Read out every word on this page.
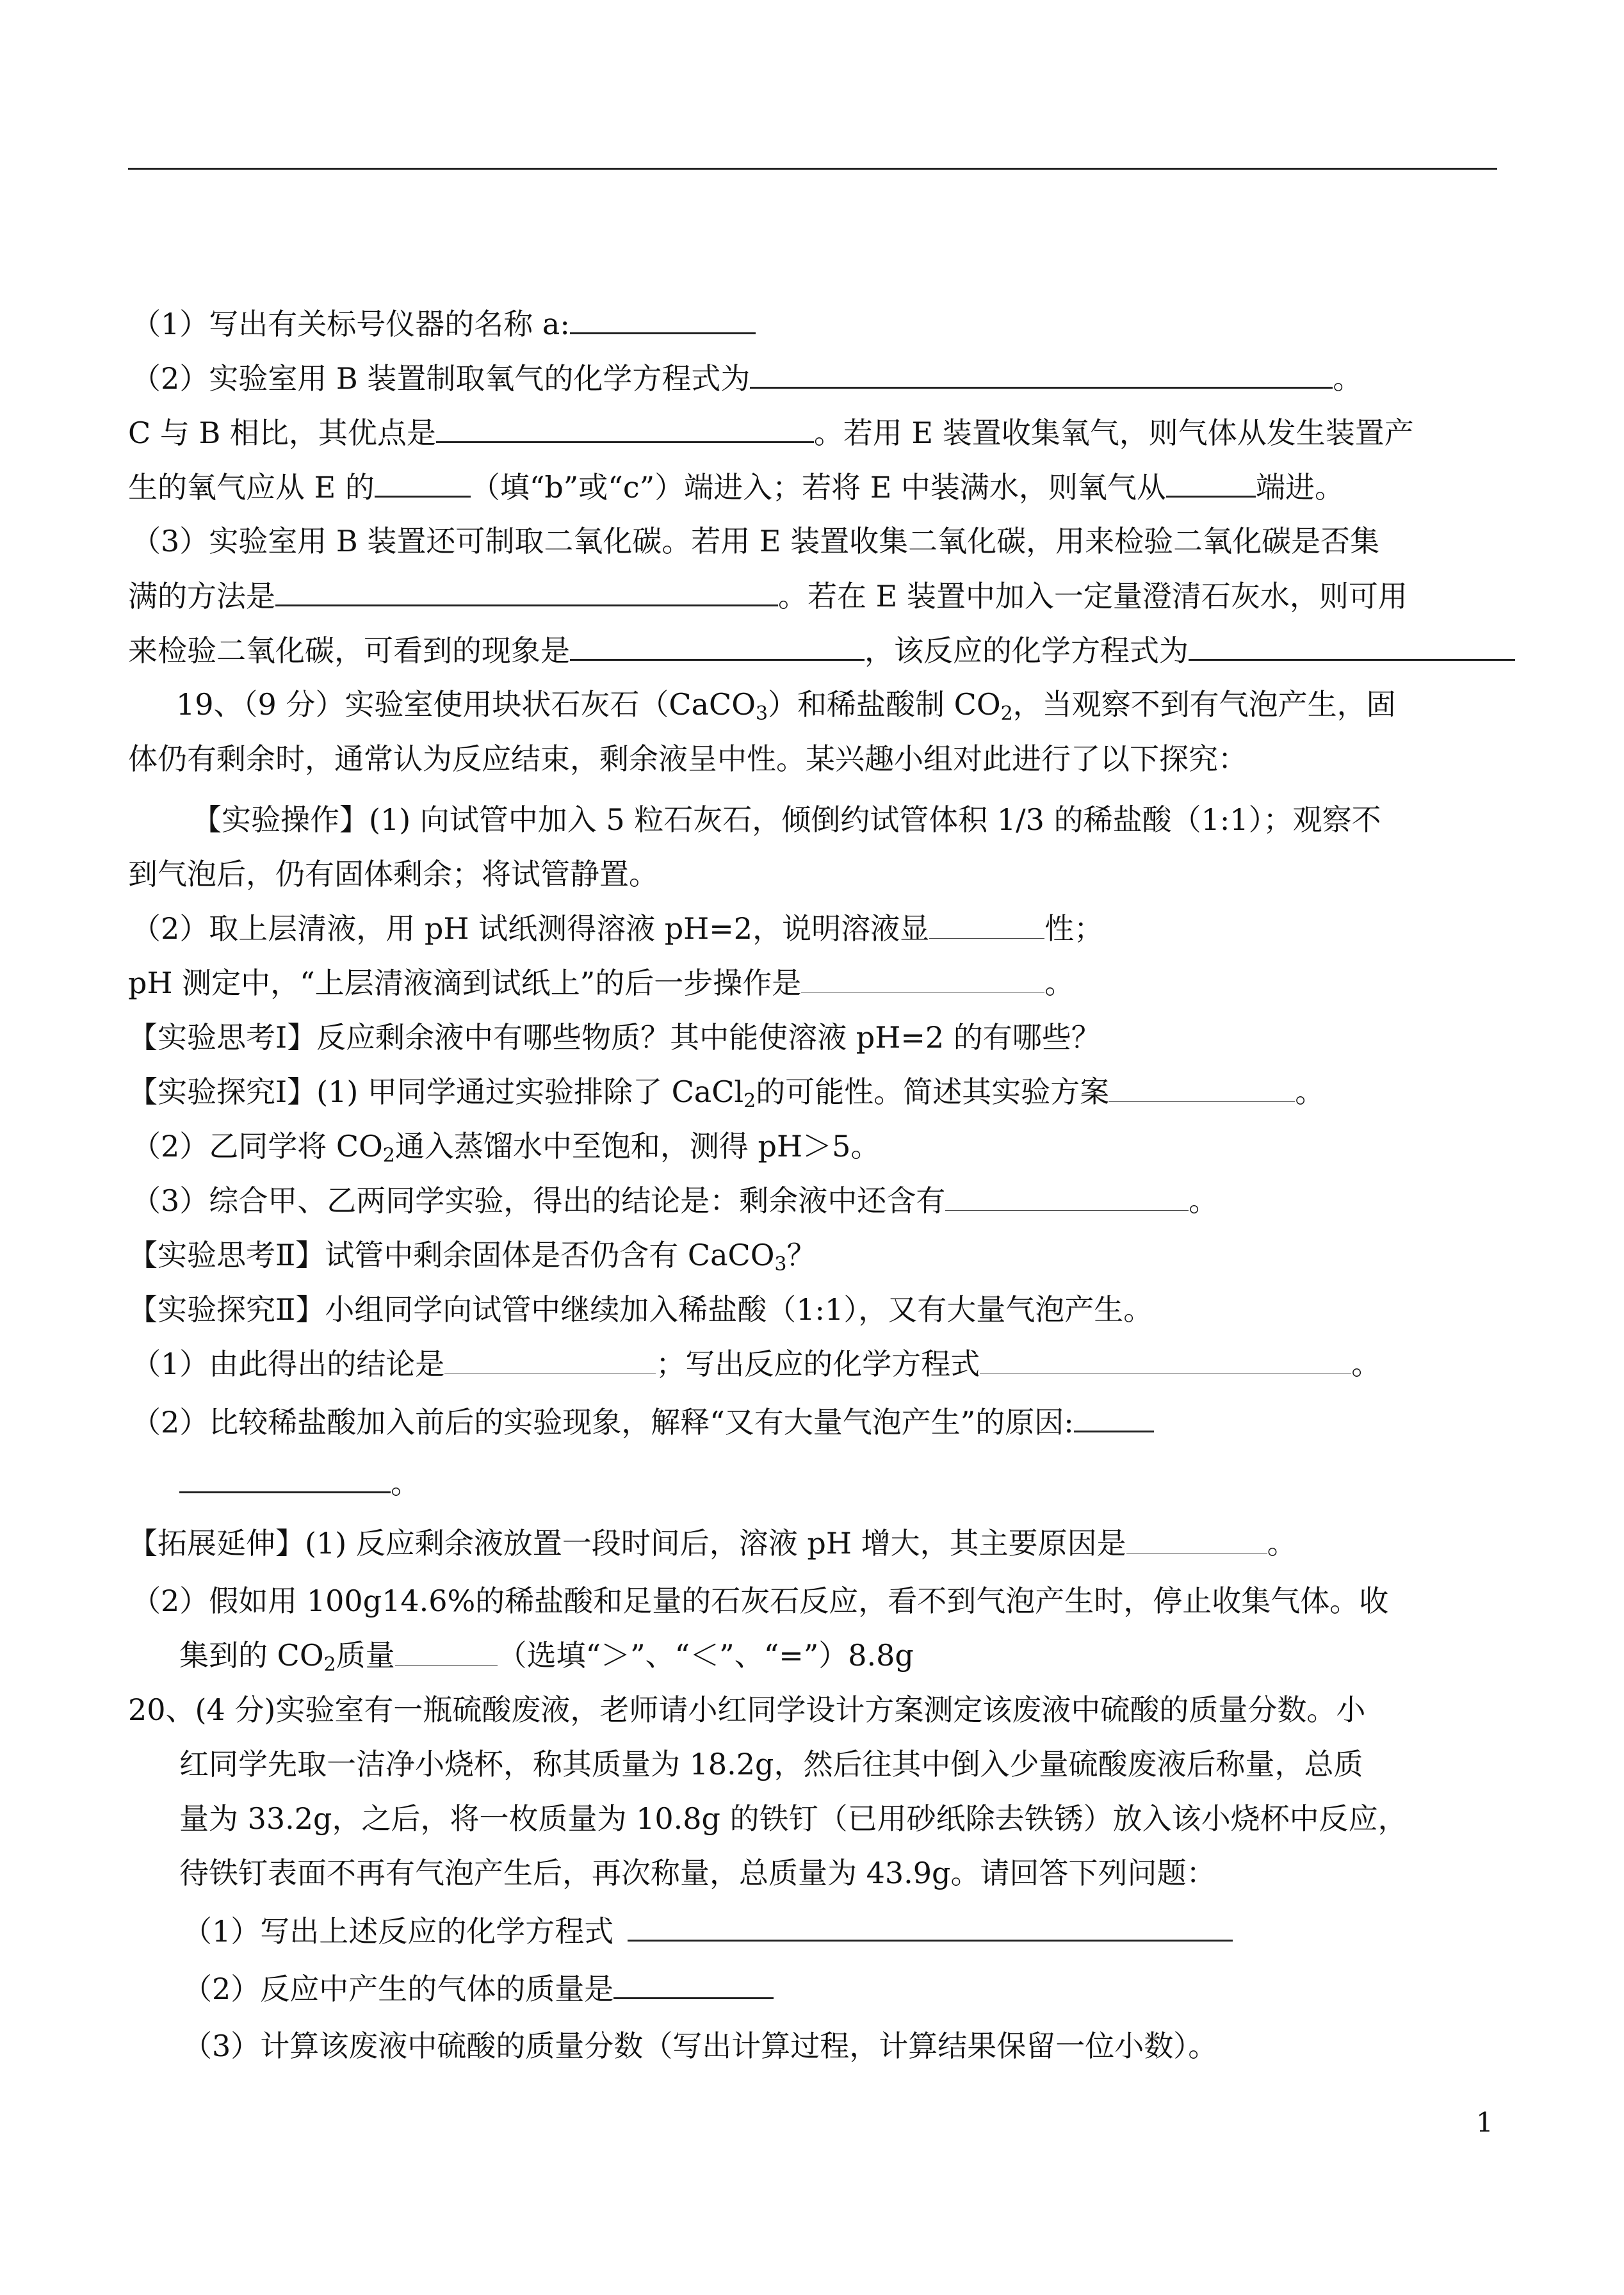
（1）写出有关标号仪器的名称 a:
（2）实验室用 B 装置制取氧气的化学方程式为	。
C 与 B 相比，其优点是	。若用 E 装置收集氧气，则气体从发生装置产
生的氧气应从 E 的	（填“b”或“c”）端进入；若将 E 中装满水，则氧气从	端进。
（3）实验室用 B 装置还可制取二氧化碳。若用 E 装置收集二氧化碳，用来检验二氧化碳是否集
满的方法是	。若在 E 装置中加入一定量澄清石灰水，则可用
来检验二氧化碳，可看到的现象是	，该反应的化学方程式为
19、（9 分）实验室使用块状石灰石（CaCO$_3$）和稀盐酸制 $CO_2$，当观察不到有气泡产生，固
体仍有剩余时，通常认为反应结束，剩余液呈中性。某兴趣小组对此进行了以下探究：
【实验操作】(1) 向试管中加入 5 粒石灰石，倾倒约试管体积 1/3 的稀盐酸（1:1）；观察不
到气泡后，仍有固体剩余；将试管静置。
（2）取上层清液，用 pH 试纸测得溶液 pH=2，说明溶液显	性；
pH 测定中，“上层清液滴到试纸上”的后一步操作是	。
【实验思考Ⅰ】反应剩余液中有哪些物质？其中能使溶液 pH=2 的有哪些？
【实验探究Ⅰ】(1) 甲同学通过实验排除了 CaCl$_2$的可能性。简述其实验方案	。
（2）乙同学将 $CO_2$通入蒸馏水中至饱和，测得 pH＞5。
（3）综合甲、乙两同学实验，得出的结论是：剩余液中还含有	。
【实验思考Ⅱ】试管中剩余固体是否仍含有 CaCO$_3$？
【实验探究Ⅱ】小组同学向试管中继续加入稀盐酸（1:1），又有大量气泡产生。
（1）由此得出的结论是	；写出反应的化学方程式	。
（2）比较稀盐酸加入前后的实验现象，解释“又有大量气泡产生”的原因:
。
【拓展延伸】(1) 反应剩余液放置一段时间后，溶液 pH 增大，其主要原因是	。
（2）假如用 100g14.6%的稀盐酸和足量的石灰石反应，看不到气泡产生时，停止收集气体。收
集到的 $CO_2$质量	（选填“＞”、“＜”、“=”）8.8g
20、(4 分)实验室有一瓶硫酸废液，老师请小红同学设计方案测定该废液中硫酸的质量分数。小
红同学先取一洁净小烧杯，称其质量为 18.2g，然后往其中倒入少量硫酸废液后称量，总质
量为 33.2g，之后，将一枚质量为 10.8g 的铁钉（已用砂纸除去铁锈）放入该小烧杯中反应，
待铁钉表面不再有气泡产生后，再次称量，总质量为 43.9g。请回答下列问题：
（1）写出上述反应的化学方程式
（2）反应中产生的气体的质量是
（3）计算该废液中硫酸的质量分数（写出计算过程，计算结果保留一位小数）。
1
